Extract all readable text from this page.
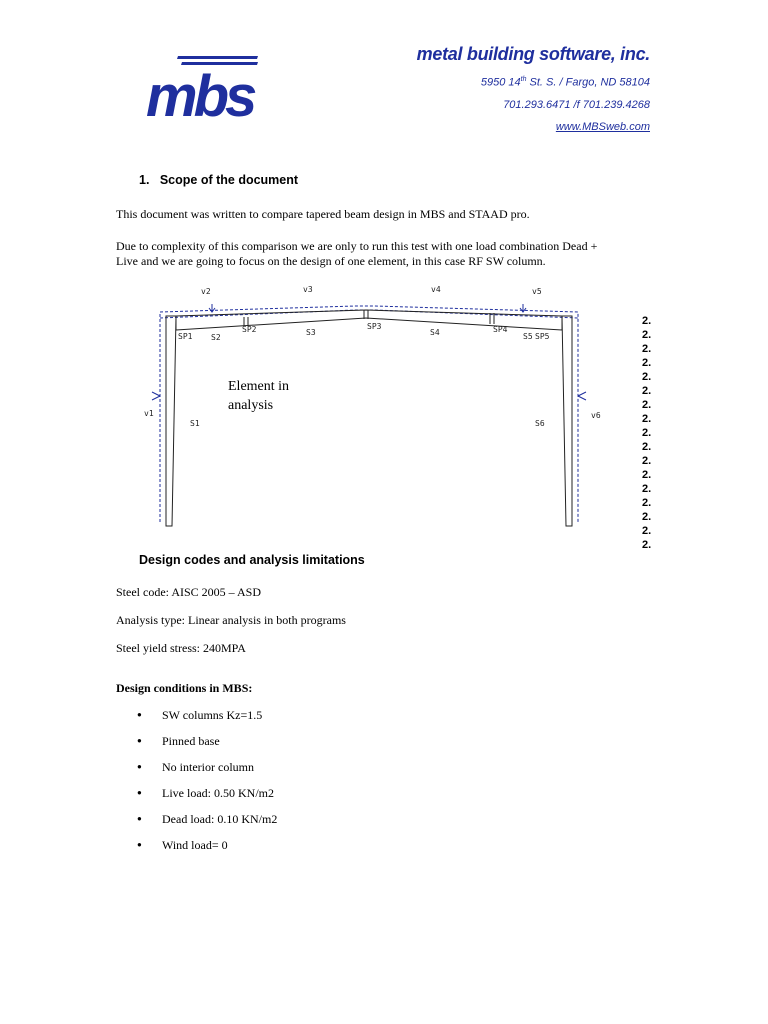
mbs
metal building software, inc.
5950 14th St. S. / Fargo, ND 58104
701.293.6471 /f 701.239.4268
www.MBSweb.com
1.   Scope of the document
This document was written to compare tapered beam design in MBS and STAAD pro.
Due to complexity of this comparison we are only to run this test with one load combination Dead +
Live and we are going to focus on the design of one element, in this case RF SW column.
v2	v3	v4	v5
v1	v6
SP1 S2
SP2	S3
SP3
S4	SP4
S5 SP5
S1	S6
Element in
analysis
2.
2.
2.
2.
2.
2.
2.
2.
2.
2.
2.
2.
2.
2.
2.
2.
2.
Design codes and analysis limitations
Steel code: AISC 2005 – ASD
Analysis type: Linear analysis in both programs
Steel yield stress: 240MPA
Design conditions in MBS:
● SW columns Kz=1.5
● Pinned base
● No interior column
● Live load: 0.50 KN/m2
● Dead load: 0.10 KN/m2
● Wind load= 0
